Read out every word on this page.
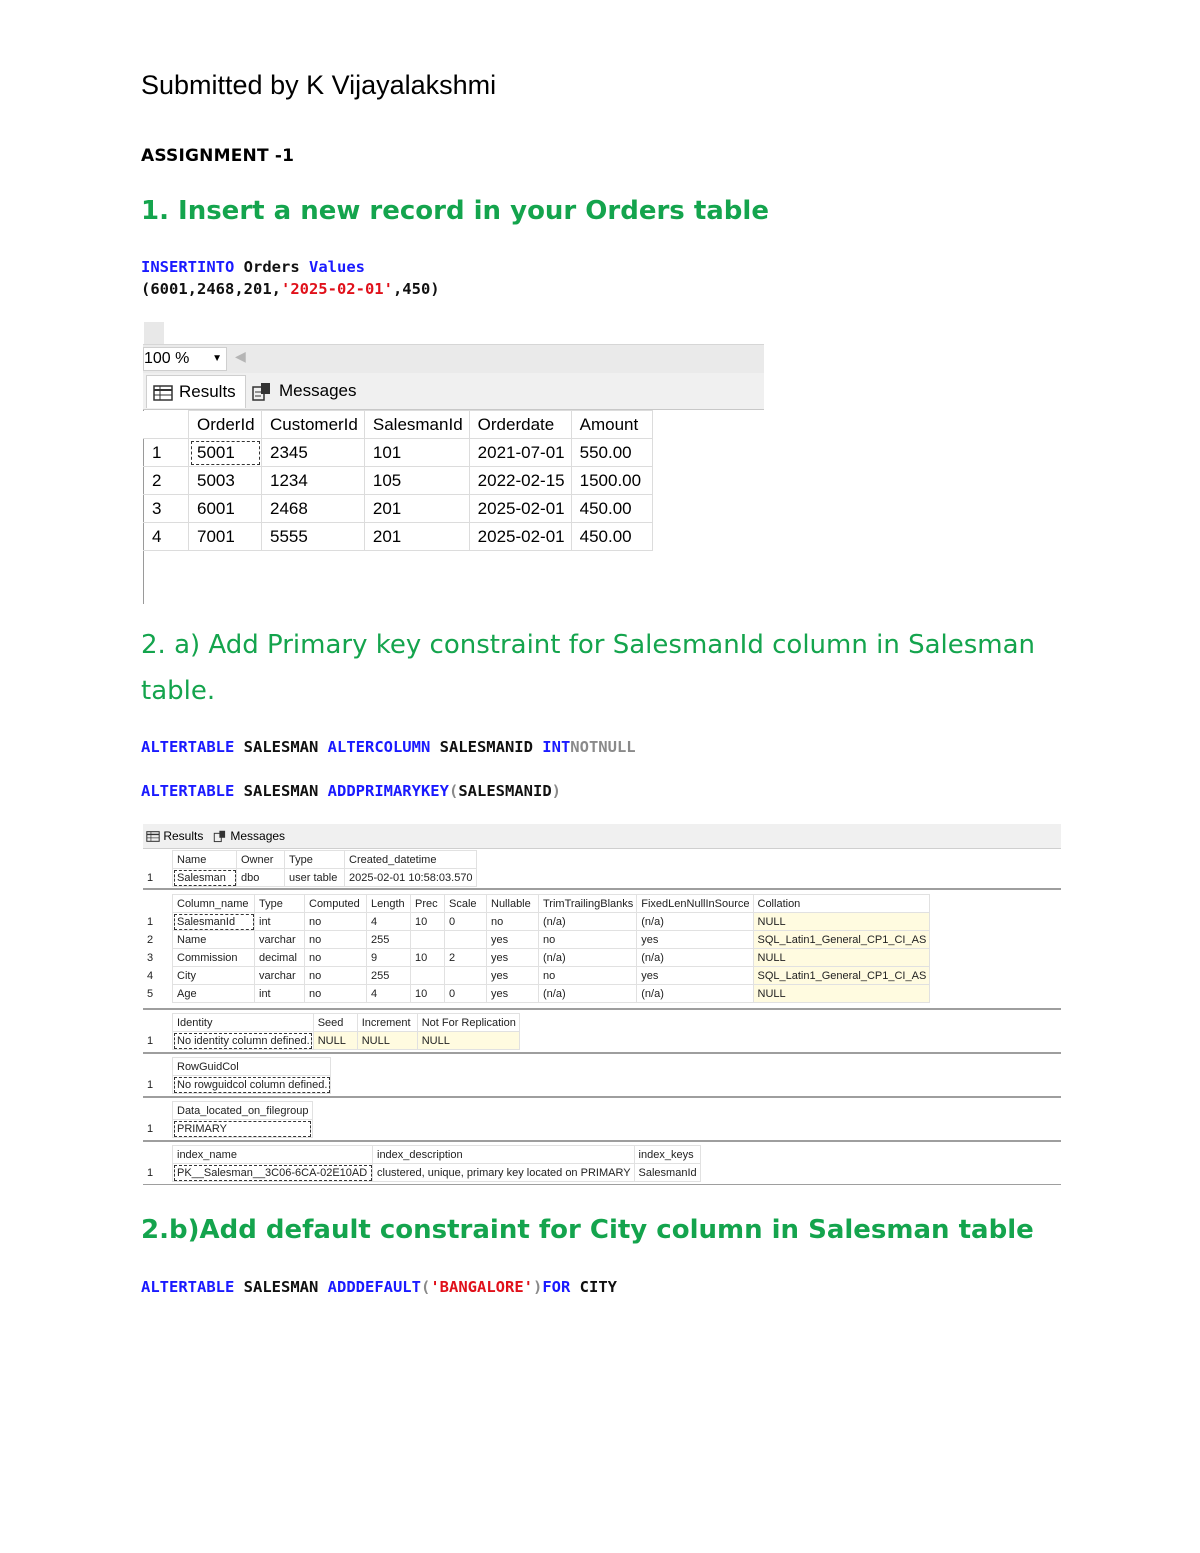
Submitted by K Vijayalakshmi
ASSIGNMENT -1
1. Insert a new record in your Orders table
INSERTINTO Orders Values
(6001,2468,201,'2025-02-01',450)
100 % ▼ ◀
Results	Messages
	OrderId	CustomerId	SalesmanId	Orderdate	Amount
1	5001	2345	101	2021-07-01	550.00
2	5003	1234	105	2022-02-15	1500.00
3	6001	2468	201	2025-02-01	450.00
4	7001	5555	201	2025-02-01	450.00
2. a) Add Primary key constraint for SalesmanId column in Salesman
table.
ALTERTABLE SALESMAN ALTERCOLUMN SALESMANID INTNOTNULL
ALTERTABLE SALESMAN ADDPRIMARYKEY(SALESMANID)
Results	Messages
	Name	Owner	Type	Created_datetime
1	Salesman	dbo	user table	2025-02-01 10:58:03.570
	Column_name	Type	Computed	Length	Prec	Scale	Nullable	TrimTrailingBlanks	FixedLenNullInSource	Collation
1	SalesmanId	int	no	4	10	0	no	(n/a)	(n/a)	NULL
2	Name	varchar	no	255			yes	no	yes	SQL_Latin1_General_CP1_CI_AS
3	Commission	decimal	no	9	10	2	yes	(n/a)	(n/a)	NULL
4	City	varchar	no	255			yes	no	yes	SQL_Latin1_General_CP1_CI_AS
5	Age	int	no	4	10	0	yes	(n/a)	(n/a)	NULL
	Identity	Seed	Increment	Not For Replication
1	No identity column defined.	NULL	NULL	NULL
	RowGuidCol
1	No rowguidcol column defined.
	Data_located_on_filegroup
1	PRIMARY
	index_name	index_description	index_keys
1	PK__Salesman__3C06-6CA-02E10AD	clustered, unique, primary key located on PRIMARY	SalesmanId
2.b)Add default constraint for City column in Salesman table
ALTERTABLE SALESMAN ADDDEFAULT('BANGALORE')FOR CITY
